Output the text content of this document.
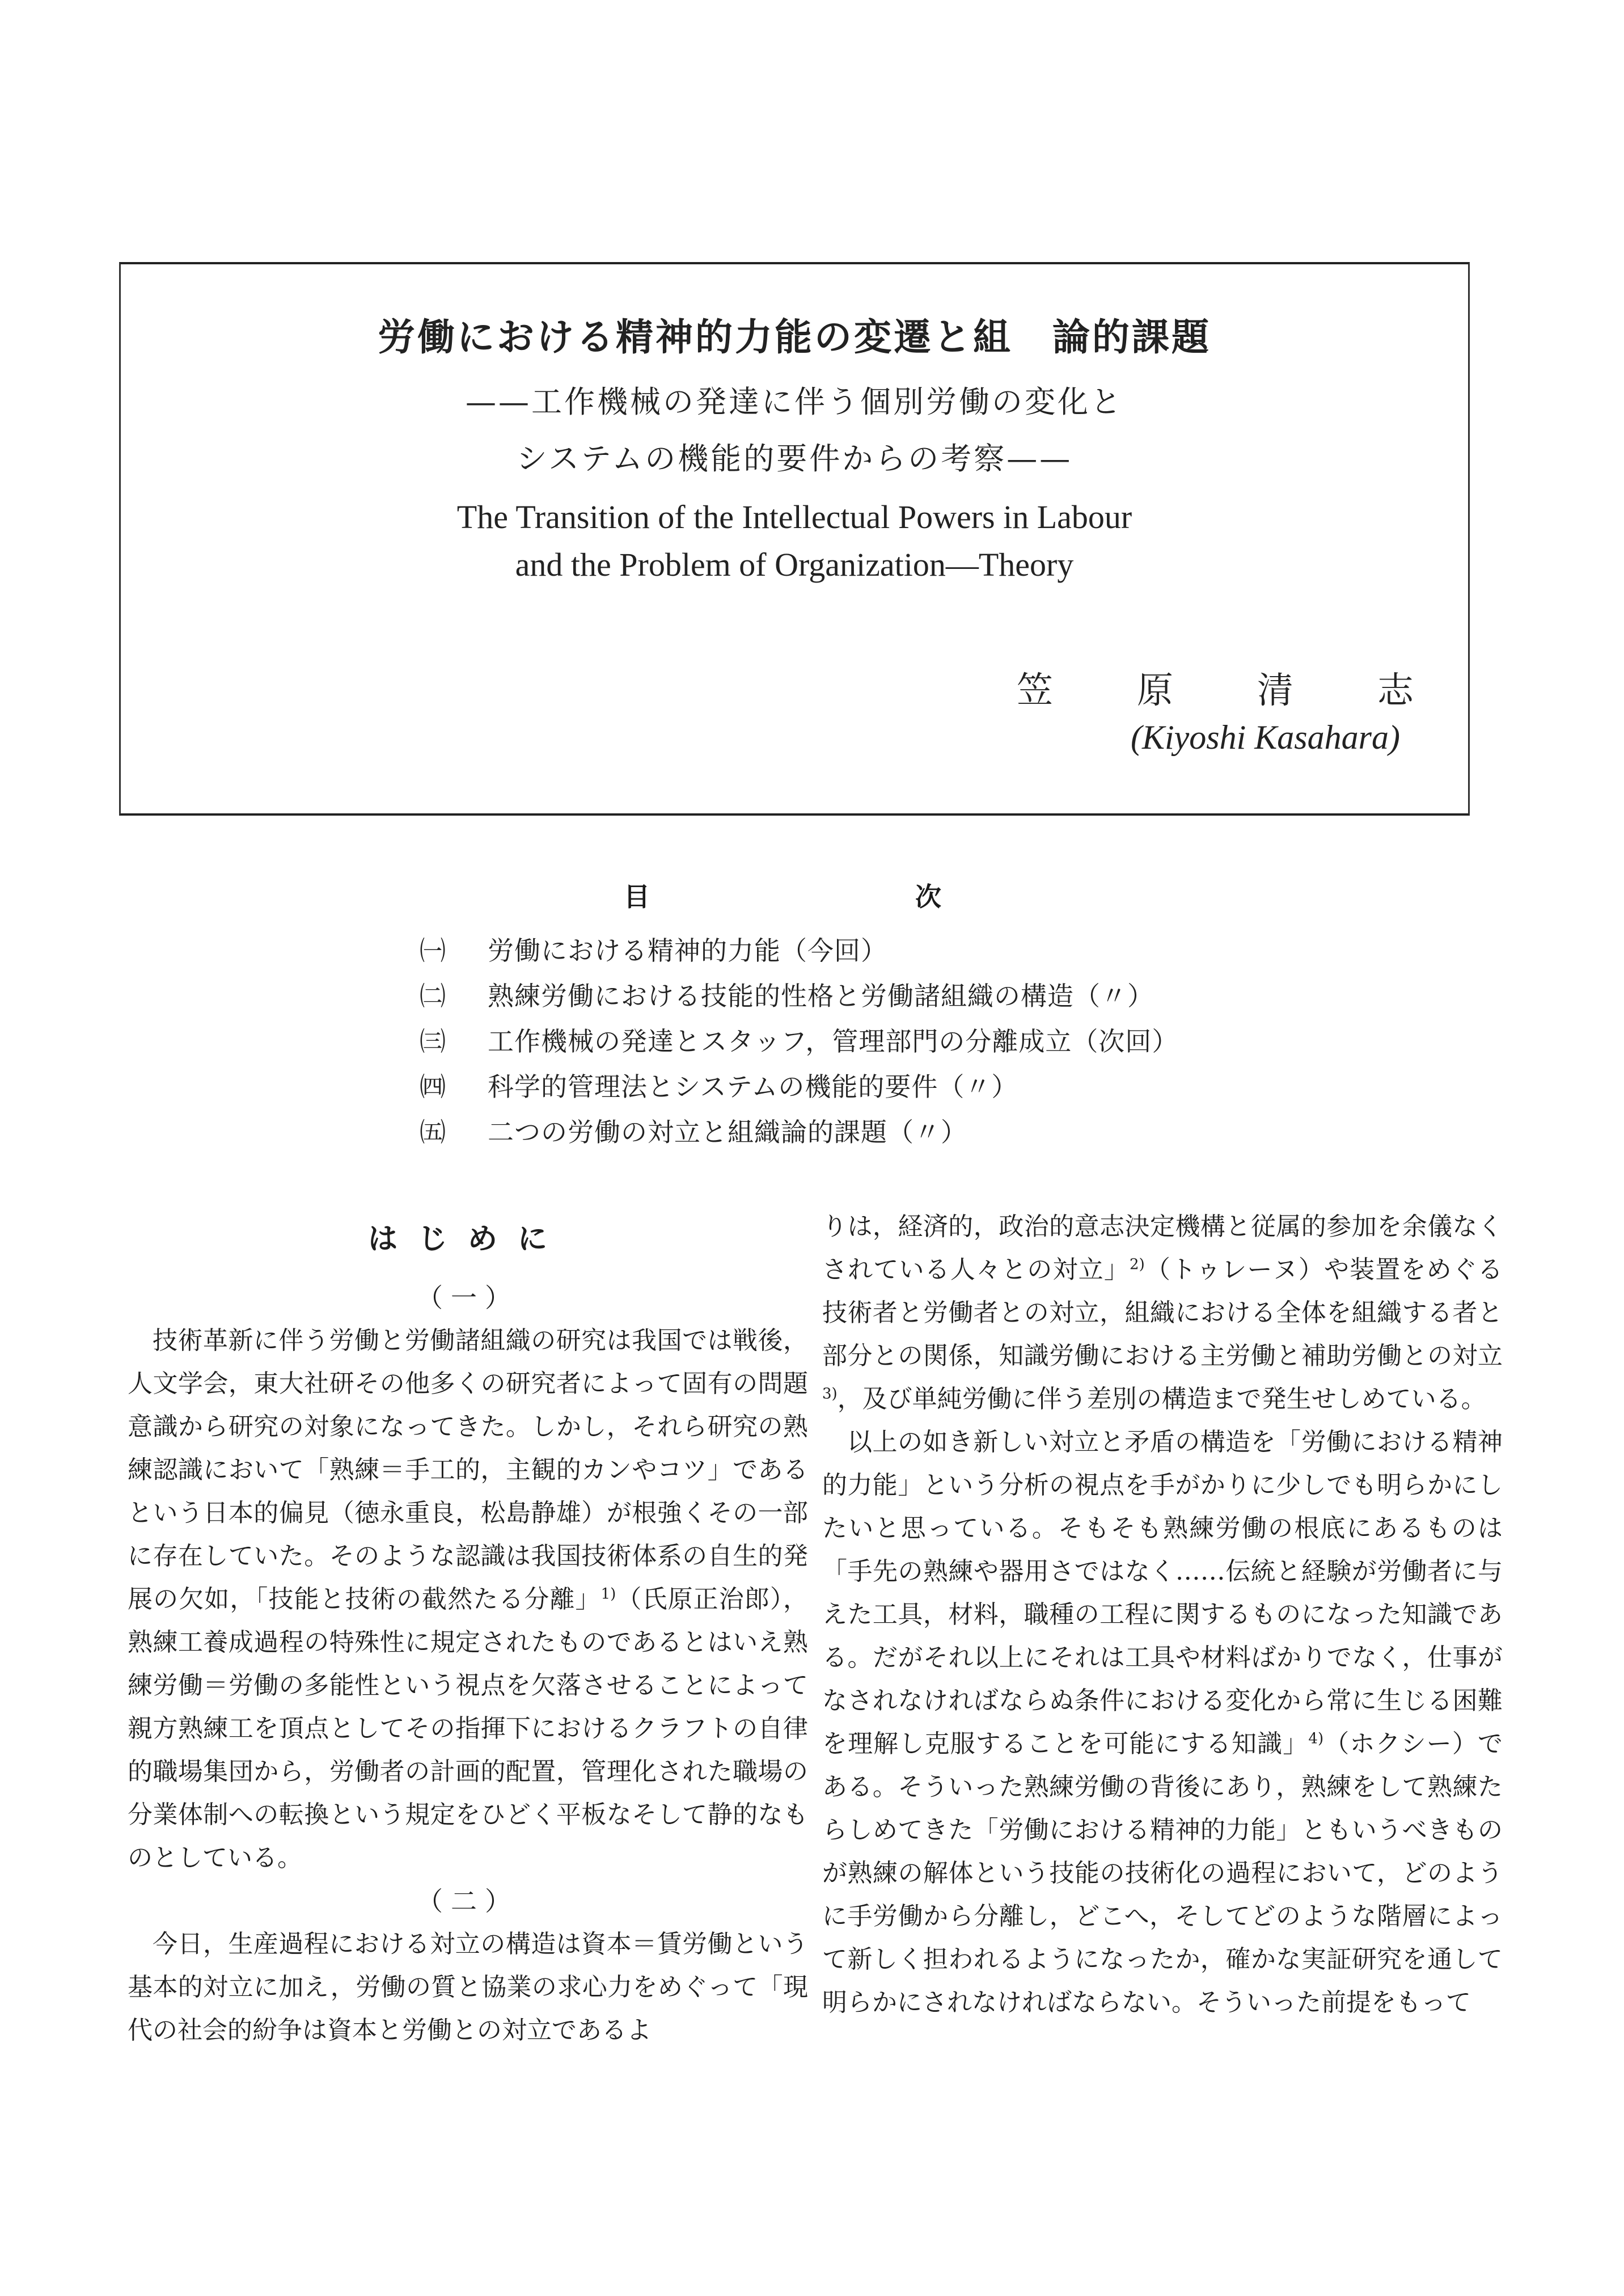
労働における精神的力能の変遷と組　論的課題
——工作機械の発達に伴う個別労働の変化と
システムの機能的要件からの考察——
The Transition of the Intellectual Powers in Labour
and the Problem of Organization—Theory
笠 原 清 志
(Kiyoshi Kasahara)
目	次
㈠	労働における精神的力能（今回）
㈡	熟練労働における技能的性格と労働諸組織の構造（〃）
㈢	工作機械の発達とスタッフ，管理部門の分離成立（次回）
㈣	科学的管理法とシステムの機能的要件（〃）
㈤	二つの労働の対立と組織論的課題（〃）
はじめに
（一）

技術革新に伴う労働と労働諸組織の研究は我国では戦後，人文学会，東大社研その他多くの研究者によって固有の問題意識から研究の対象になってきた。しかし，それら研究の熟練認識において「熟練＝手工的，主観的カンやコツ」であるという日本的偏見（徳永重良，松島静雄）が根強くその一部に存在していた。そのような認識は我国技術体系の自生的発展の欠如，「技能と技術の截然たる分離」$^{1)}$（氏原正治郎），熟練工養成過程の特殊性に規定されたものであるとはいえ熟練労働＝労働の多能性という視点を欠落させることによって親方熟練工を頂点としてその指揮下におけるクラフトの自律的職場集団から，労働者の計画的配置，管理化された職場の分業体制への転換という規定をひどく平板なそして静的なものとしている。

（二）

今日，生産過程における対立の構造は資本＝賃労働という基本的対立に加え，労働の質と協業の求心力をめぐって「現代の社会的紛争は資本と労働との対立であるよ

りは，経済的，政治的意志決定機構と従属的参加を余儀なくされている人々との対立」$^{2)}$（トゥレーヌ）や装置をめぐる技術者と労働者との対立，組織における全体を組織する者と部分との関係，知識労働における主労働と補助労働との対立$^{3)}$，及び単純労働に伴う差別の構造まで発生せしめている。

以上の如き新しい対立と矛盾の構造を「労働における精神的力能」という分析の視点を手がかりに少しでも明らかにしたいと思っている。そもそも熟練労働の根底にあるものは「手先の熟練や器用さではなく……伝統と経験が労働者に与えた工具，材料，職種の工程に関するものになった知識である。だがそれ以上にそれは工具や材料ばかりでなく，仕事がなされなければならぬ条件における変化から常に生じる困難を理解し克服することを可能にする知識」$^{4)}$（ホクシー）である。そういった熟練労働の背後にあり，熟練をして熟練たらしめてきた「労働における精神的力能」ともいうべきものが熟練の解体という技能の技術化の過程において，どのように手労働から分離し，どこへ，そしてどのような階層によって新しく担われるようになったか，確かな実証研究を通して明らかにされなければならない。そういった前提をもって
